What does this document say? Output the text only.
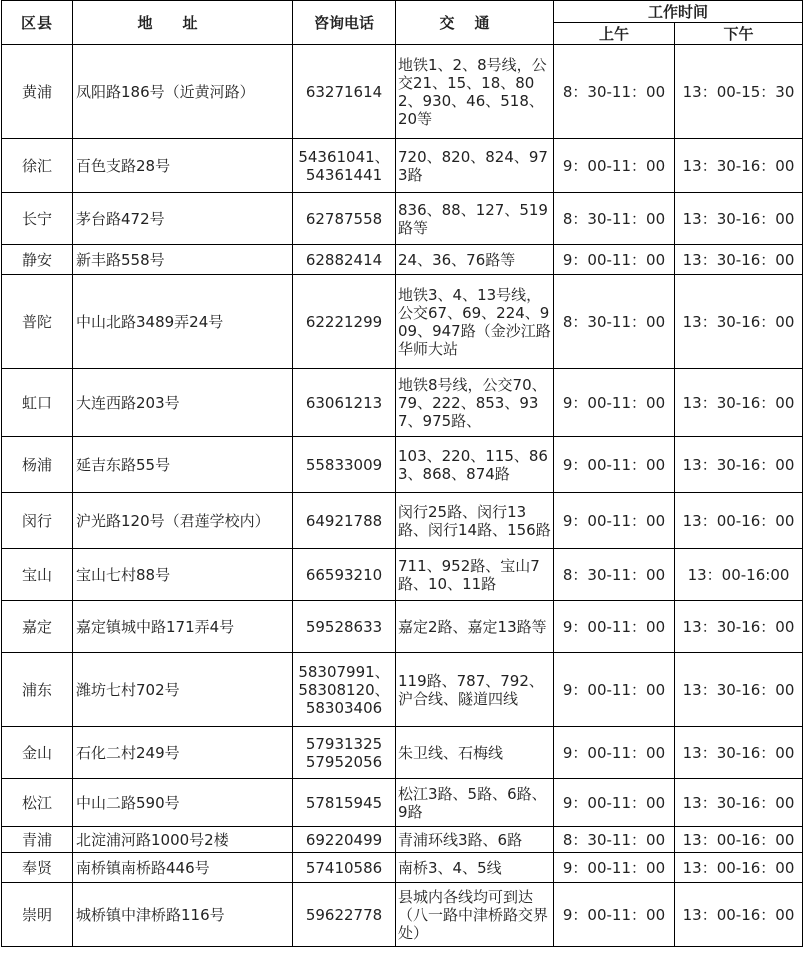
区县	地址	咨询电话	交通	工作时间	
				上午	下午
黄浦	凤阳路186号（近黄河路）	63271614	地铁1、2、8号线，公交21、15、18、802、930、46、518、20等	8：30-11：00	13：00-15：30
徐汇	百色支路28号	54361041、
54361441	720、820、824、973路	9：00-11：00	13：30-16：00
长宁	茅台路472号	62787558	836、88、127、519路等	8：30-11：00	13：30-16：00
静安	新丰路558号	62882414	24、36、76路等	9：00-11：00	13：30-16：00
普陀	中山北路3489弄24号	62221299	地铁3、4、13号线，公交67、69、224、909、947路（金沙江路 华师大站	8：30-11：00	13：30-16：00
虹口	大连西路203号	63061213	地铁8号线，公交70、79、222、853、937、975路、	9：00-11：00	13：30-16：00
杨浦	延吉东路55号	55833009	103、220、115、863、868、874路	9：00-11：00	13：30-16：00
闵行	沪光路120号（君莲学校内）	64921788	闵行25路、闵行13路、闵行14路、156路	9：00-11：00	13：00-16：00
宝山	宝山七村88号	66593210	711、952路、宝山7路、10、11路	8：30-11：00	13：00-16:00
嘉定	嘉定镇城中路171弄4号	59528633	嘉定2路、嘉定13路等	9：00-11：00	13：30-16：00
浦东	潍坊七村702号	58307991、
58308120、
58303406	119路、787、792、沪合线、隧道四线	9：00-11：00	13：30-16：00
金山	石化二村249号	57931325
57952056	朱卫线、石梅线	9：00-11：00	13：30-16：00
松江	中山二路590号	57815945	松江3路、5路、6路、9路	9：00-11：00	13：30-16：00
青浦	北淀浦河路1000号2楼	69220499	青浦环线3路、6路	8：30-11：00	13：00-16：00
奉贤	南桥镇南桥路446号	57410586	南桥3、4、5线	9：00-11：00	13：00-16：00
崇明	城桥镇中津桥路116号	59622778	县城内各线均可到达（八一路中津桥路交界处）	9：00-11：00	13：00-16：00
